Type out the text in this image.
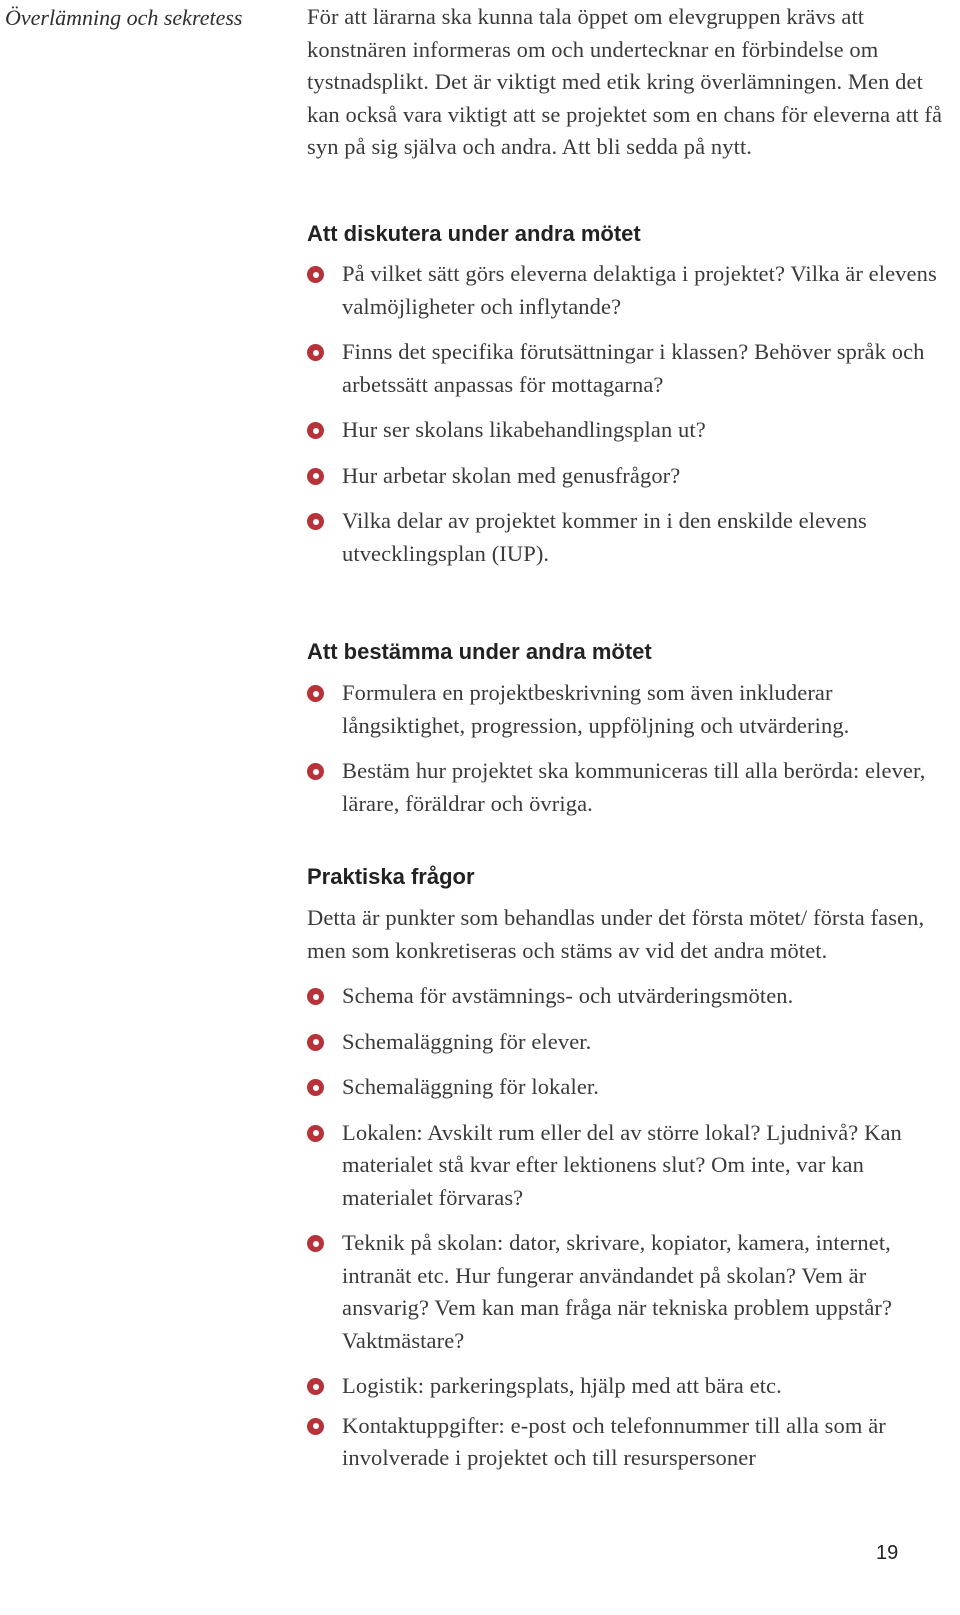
Överlämning och sekretess	För att lärarna ska kunna tala öppet om elevgruppen krävs att konstnären informeras om och undertecknar en förbindelse om tystnadsplikt. Det är viktigt med etik kring överlämningen. Men det kan också vara viktigt att se projektet som en chans för eleverna att få syn på sig själva och andra. Att bli sedda på nytt.

Att diskutera under andra mötet
På vilket sätt görs eleverna delaktiga i projektet? Vilka är elevens valmöjligheter och inflytande?
Finns det specifika förutsättningar i klassen? Behöver språk och arbetssätt anpassas för mottagarna?
Hur ser skolans likabehandlingsplan ut?
Hur arbetar skolan med genusfrågor?
Vilka delar av projektet kommer in i den enskilde elevens utvecklingsplan (IUP).
Att bestämma under andra mötet
Formulera en projektbeskrivning som även inkluderar långsiktighet, progression, uppföljning och utvärdering.
Bestäm hur projektet ska kommuniceras till alla berörda: elever, lärare, föräldrar och övriga.
Praktiska frågor

Detta är punkter som behandlas under det första mötet/ första fasen, men som konkretiseras och stäms av vid det andra mötet.

Schema för avstämnings- och utvärderingsmöten.
Schemaläggning för elever.
Schemaläggning för lokaler.
Lokalen: Avskilt rum eller del av större lokal? Ljudnivå? Kan materialet stå kvar efter lektionens slut? Om inte, var kan materialet förvaras?
Teknik på skolan: dator, skrivare, kopiator, kamera, internet, intranät etc. Hur fungerar användandet på skolan? Vem är ansvarig? Vem kan man fråga när tekniska problem uppstår? Vaktmästare?
Logistik: parkeringsplats, hjälp med att bära etc.
Kontaktuppgifter: e-post och telefonnummer till alla som är involverade i projektet och till resurspersoner
19
